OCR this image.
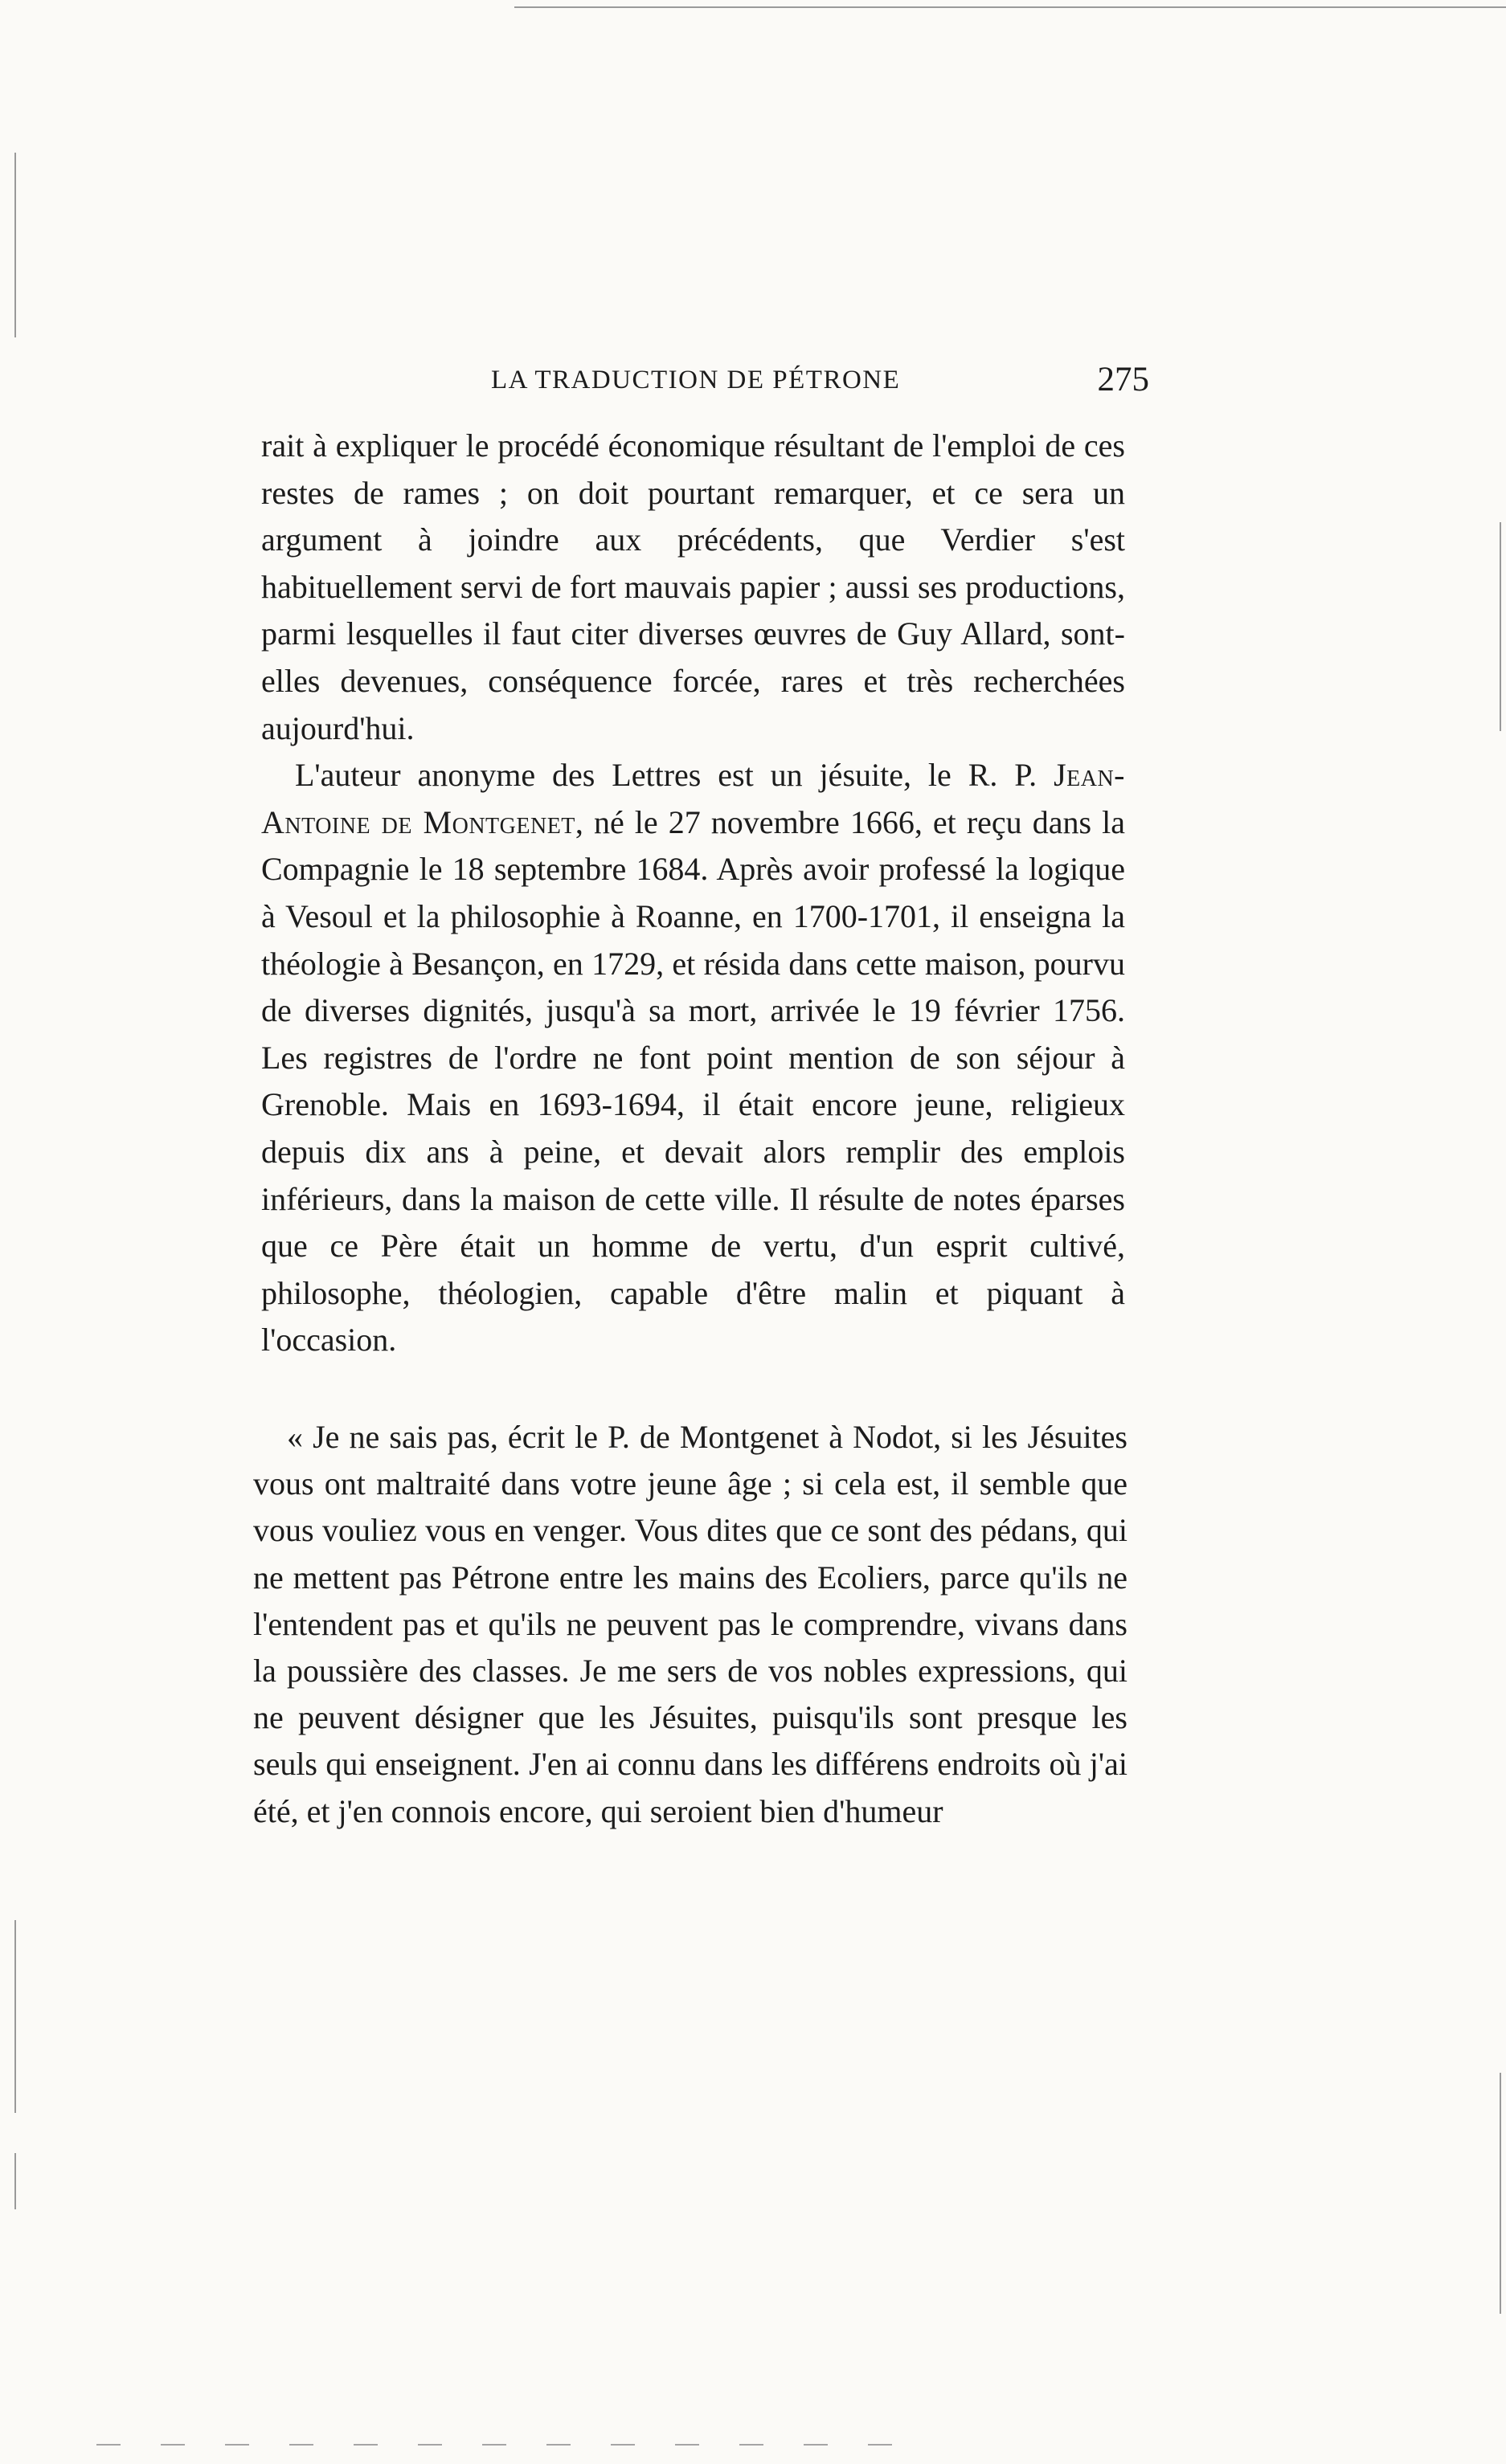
LA TRADUCTION DE PÉTRONE	275

rait à expliquer le procédé économique résultant de l'emploi de ces restes de rames ; on doit pourtant remarquer, et ce sera un argument à joindre aux précédents, que Verdier s'est habituellement servi de fort mauvais papier ; aussi ses productions, parmi lesquelles il faut citer diverses œuvres de Guy Allard, sont-elles devenues, conséquence forcée, rares et très recherchées aujourd'hui.

L'auteur anonyme des Lettres est un jésuite, le R. P. Jean-Antoine de Montgenet, né le 27 novembre 1666, et reçu dans la Compagnie le 18 septembre 1684. Après avoir professé la logique à Vesoul et la philosophie à Roanne, en 1700-1701, il enseigna la théologie à Besançon, en 1729, et résida dans cette maison, pourvu de diverses dignités, jusqu'à sa mort, arrivée le 19 février 1756. Les registres de l'ordre ne font point mention de son séjour à Grenoble. Mais en 1693-1694, il était encore jeune, religieux depuis dix ans à peine, et devait alors remplir des emplois inférieurs, dans la maison de cette ville. Il résulte de notes éparses que ce Père était un homme de vertu, d'un esprit cultivé, philosophe, théologien, capable d'être malin et piquant à l'occasion.

« Je ne sais pas, écrit le P. de Montgenet à Nodot, si les Jésuites vous ont maltraité dans votre jeune âge ; si cela est, il semble que vous vouliez vous en venger. Vous dites que ce sont des pédans, qui ne mettent pas Pétrone entre les mains des Ecoliers, parce qu'ils ne l'entendent pas et qu'ils ne peuvent pas le comprendre, vivans dans la poussière des classes. Je me sers de vos nobles expressions, qui ne peuvent désigner que les Jésuites, puisqu'ils sont presque les seuls qui enseignent. J'en ai connu dans les différens endroits où j'ai été, et j'en connois encore, qui seroient bien d'humeur
